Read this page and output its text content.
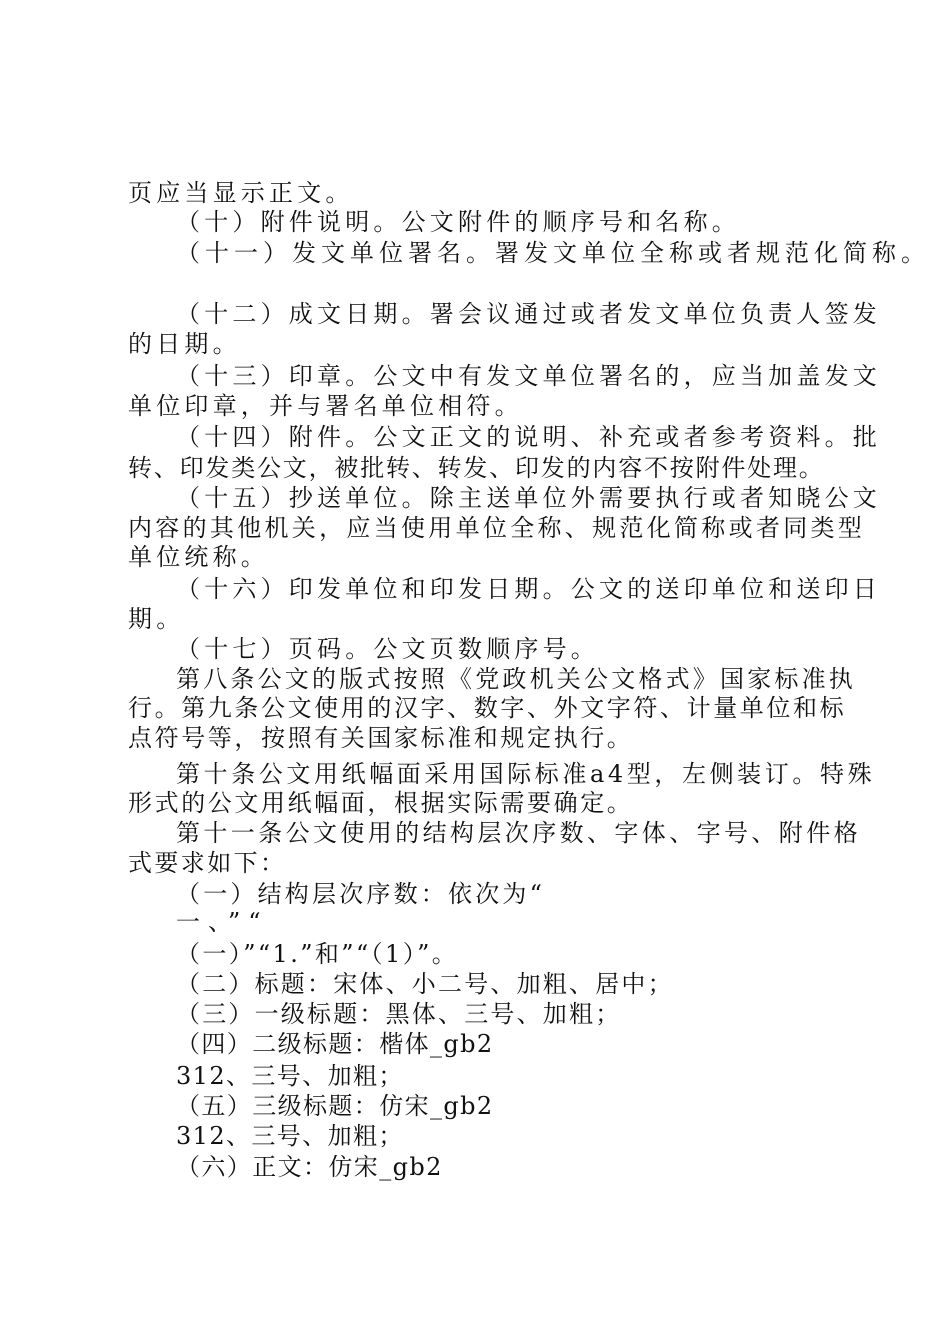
页应当显示正文。
（十）附件说明。公文附件的顺序号和名称。
（十一）发文单位署名。署发文单位全称或者规范化简称。
（十二）成文日期。署会议通过或者发文单位负责人签发
的日期。
（十三）印章。公文中有发文单位署名的，应当加盖发文
单位印章，并与署名单位相符。
（十四）附件。公文正文的说明、补充或者参考资料。批
转、印发类公文，被批转、转发、印发的内容不按附件处理。
（十五）抄送单位。除主送单位外需要执行或者知晓公文
内容的其他机关，应当使用单位全称、规范化简称或者同类型
单位统称。
（十六）印发单位和印发日期。公文的送印单位和送印日
期。
（十七）页码。公文页数顺序号。
第八条公文的版式按照《党政机关公文格式》国家标准执
行。第九条公文使用的汉字、数字、外文字符、计量单位和标
点符号等，按照有关国家标准和规定执行。
第十条公文用纸幅面采用国际标准a4型，左侧装订。特殊
形式的公文用纸幅面，根据实际需要确定。
第十一条公文使用的结构层次序数、字体、字号、附件格
式要求如下：
（一）结构层次序数：依次为“
一、”“
（一）”“1.”和”“（1）”。
（二）标题：宋体、小二号、加粗、居中；
（三）一级标题：黑体、三号、加粗；
（四）二级标题：楷体_gb2
312、三号、加粗；
（五）三级标题：仿宋_gb2
312、三号、加粗；
（六）正文：仿宋_gb2
